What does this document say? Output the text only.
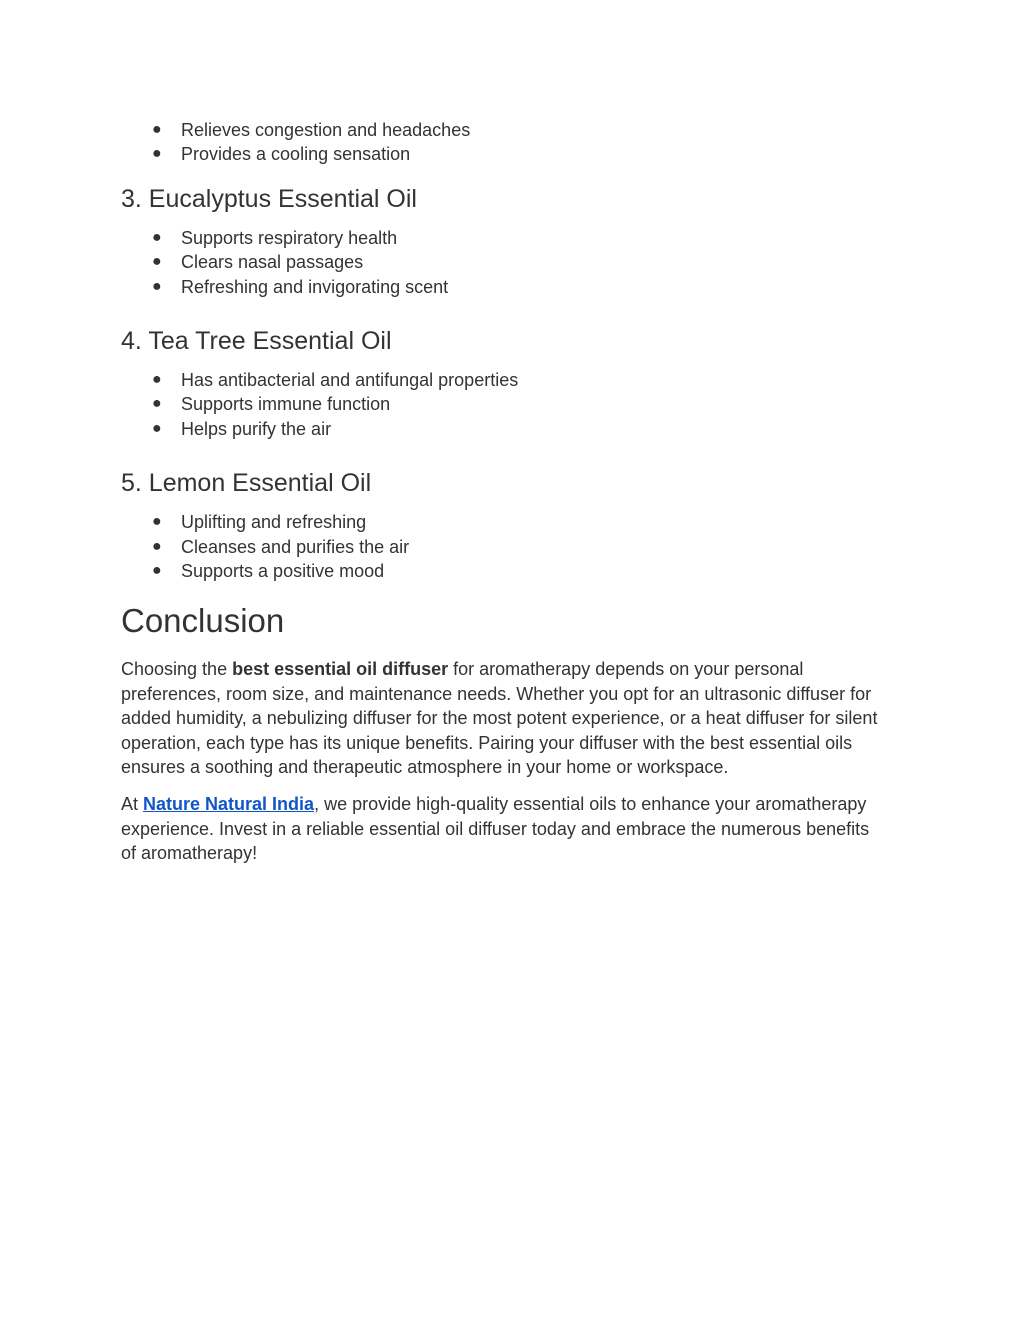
● Relieves congestion and headaches
● Provides a cooling sensation
3. Eucalyptus Essential Oil
● Supports respiratory health
● Clears nasal passages
● Refreshing and invigorating scent
4. Tea Tree Essential Oil
● Has antibacterial and antifungal properties
● Supports immune function
● Helps purify the air
5. Lemon Essential Oil
● Uplifting and refreshing
● Cleanses and purifies the air
● Supports a positive mood
Conclusion

Choosing the best essential oil diffuser for aromatherapy depends on your personal
preferences, room size, and maintenance needs. Whether you opt for an ultrasonic diffuser for
added humidity, a nebulizing diffuser for the most potent experience, or a heat diffuser for silent
operation, each type has its unique benefits. Pairing your diffuser with the best essential oils
ensures a soothing and therapeutic atmosphere in your home or workspace.

At Nature Natural India, we provide high-quality essential oils to enhance your aromatherapy
experience. Invest in a reliable essential oil diffuser today and embrace the numerous benefits
of aromatherapy!
